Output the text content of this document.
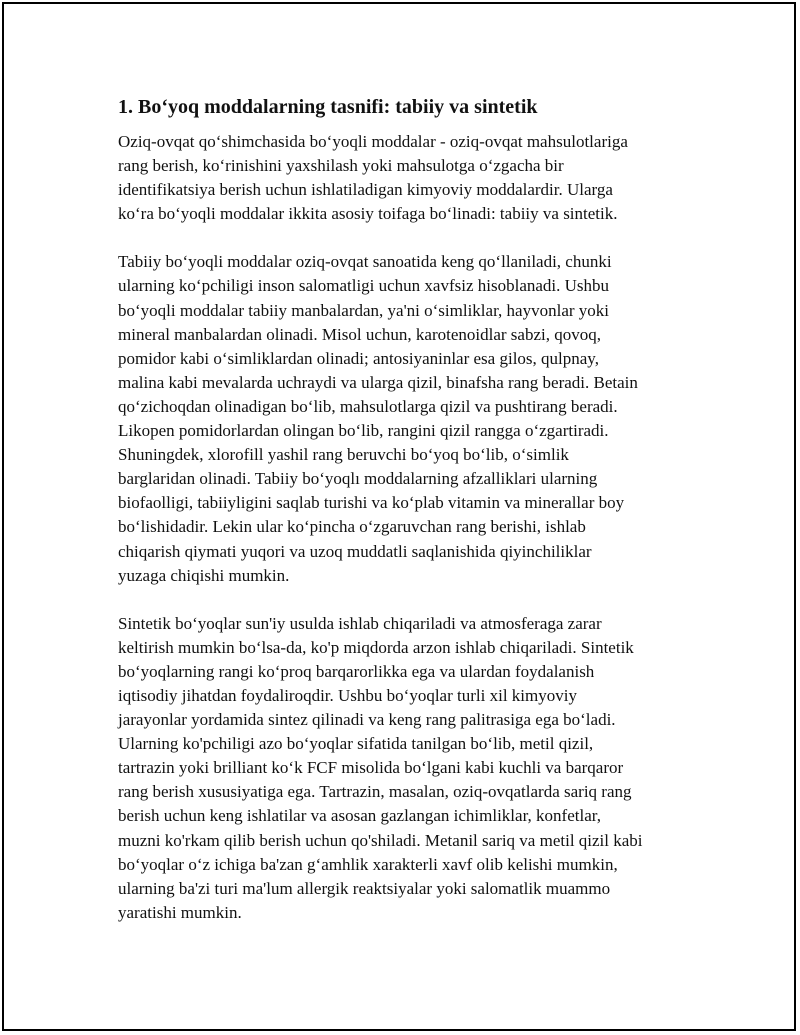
1. Bo‘yoq moddalarning tasnifi: tabiiy va sintetik
Oziq-ovqat qo‘shimchasida bo‘yoqli moddalar - oziq-ovqat mahsulotlariga
rang berish, ko‘rinishini yaxshilash yoki mahsulotga o‘zgacha bir
identifikatsiya berish uchun ishlatiladigan kimyoviy moddalardir. Ularga
ko‘ra bo‘yoqli moddalar ikkita asosiy toifaga bo‘linadi: tabiiy va sintetik.
Tabiiy bo‘yoqli moddalar oziq-ovqat sanoatida keng qo‘llaniladi, chunki
ularning ko‘pchiligi inson salomatligi uchun xavfsiz hisoblanadi. Ushbu
bo‘yoqli moddalar tabiiy manbalardan, ya'ni o‘simliklar, hayvonlar yoki
mineral manbalardan olinadi. Misol uchun, karotenoidlar sabzi, qovoq,
pomidor kabi o‘simliklardan olinadi; antosiyaninlar esa gilos, qulpnay,
malina kabi mevalarda uchraydi va ularga qizil, binafsha rang beradi. Betain
qo‘zichoqdan olinadigan bo‘lib, mahsulotlarga qizil va pushtirang beradi.
Likopen pomidorlardan olingan bo‘lib, rangini qizil rangga o‘zgartiradi.
Shuningdek, xlorofill yashil rang beruvchi bo‘yoq bo‘lib, o‘simlik
barglaridan olinadi. Tabiiy bo‘yoqlı moddalarning afzalliklari ularning
biofaolligi, tabiiyligini saqlab turishi va ko‘plab vitamin va minerallar boy
bo‘lishidadir. Lekin ular ko‘pincha o‘zgaruvchan rang berishi, ishlab
chiqarish qiymati yuqori va uzoq muddatli saqlanishida qiyinchiliklar
yuzaga chiqishi mumkin.
Sintetik bo‘yoqlar sun'iy usulda ishlab chiqariladi va atmosferaga zarar
keltirish mumkin bo‘lsa-da, ko'p miqdorda arzon ishlab chiqariladi. Sintetik
bo‘yoqlarning rangi ko‘proq barqarorlikka ega va ulardan foydalanish
iqtisodiy jihatdan foydaliroqdir. Ushbu bo‘yoqlar turli xil kimyoviy
jarayonlar yordamida sintez qilinadi va keng rang palitrasiga ega bo‘ladi.
Ularning ko'pchiligi azo bo‘yoqlar sifatida tanilgan bo‘lib, metil qizil,
tartrazin yoki brilliant ko‘k FCF misolida bo‘lgani kabi kuchli va barqaror
rang berish xususiyatiga ega. Tartrazin, masalan, oziq-ovqatlarda sariq rang
berish uchun keng ishlatilar va asosan gazlangan ichimliklar, konfetlar,
muzni ko'rkam qilib berish uchun qo'shiladi. Metanil sariq va metil qizil kabi
bo‘yoqlar o‘z ichiga ba'zan g‘amhlik xarakterli xavf olib kelishi mumkin,
ularning ba'zi turi ma'lum allergik reaktsiyalar yoki salomatlik muammo
yaratishi mumkin.
